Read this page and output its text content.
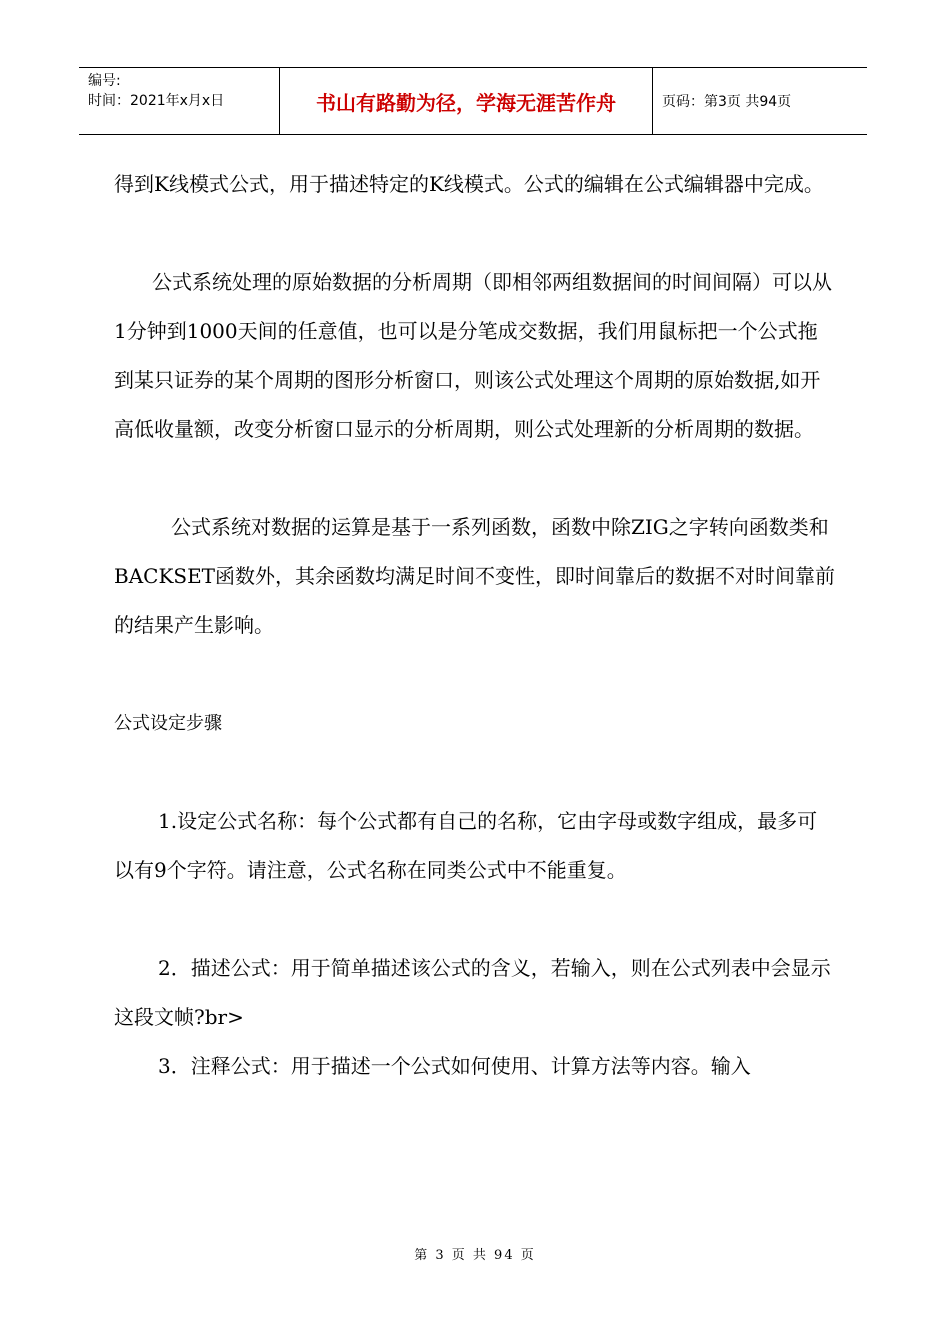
编号:
时间：2021年x月x日	书山有路勤为径，学海无涯苦作舟	页码：第3页 共94页

得到K线模式公式，用于描述特定的K线模式。公式的编辑在公式编辑器中完成。

公式系统处理的原始数据的分析周期（即相邻两组数据间的时间间隔）可以从1分钟到1000天间的任意值，也可以是分笔成交数据，我们用鼠标把一个公式拖到某只证券的某个周期的图形分析窗口，则该公式处理这个周期的原始数据,如开高低收量额，改变分析窗口显示的分析周期，则公式处理新的分析周期的数据。

公式系统对数据的运算是基于一系列函数，函数中除ZIG之字转向函数类和BACKSET函数外，其余函数均满足时间不变性，即时间靠后的数据不对时间靠前的结果产生影响。

公式设定步骤

1.设定公式名称：每个公式都有自己的名称，它由字母或数字组成，最多可以有9个字符。请注意，公式名称在同类公式中不能重复。

2．描述公式：用于简单描述该公式的含义，若输入，则在公式列表中会显示这段文帧?br>

3．注释公式：用于描述一个公式如何使用、计算方法等内容。输入

第 3 页 共 94 页
